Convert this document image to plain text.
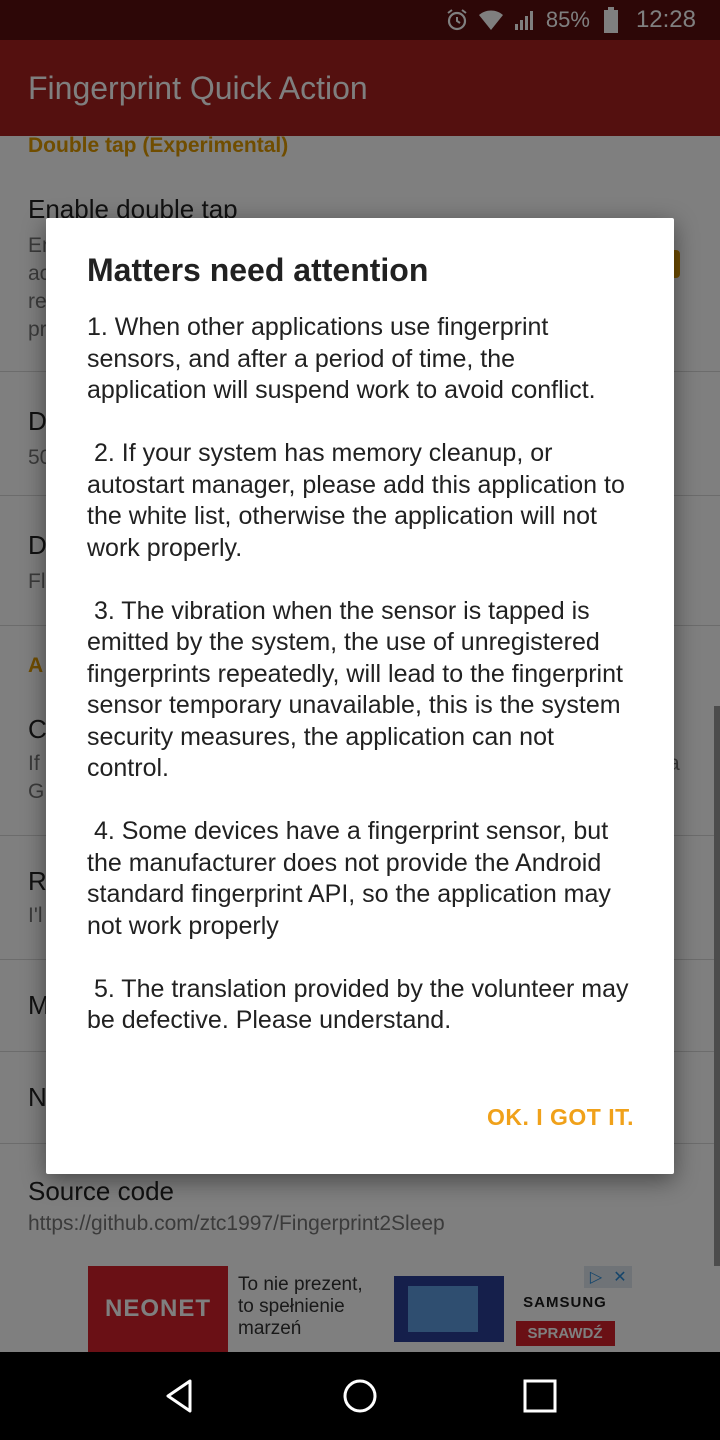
Matters need attention
1. When other applications use fingerprint sensors, and after a period of time, the application will suspend work to avoid conflict.

2. If your system has memory cleanup, or autostart manager, please add this application to the white list, otherwise the application will not work properly.

3. The vibration when the sensor is tapped is emitted by the system, the use of unregistered fingerprints repeatedly, will lead to the fingerprint sensor temporary unavailable, this is the system security measures, the application can not control.

4. Some devices have a fingerprint sensor, but the manufacturer does not provide the Android standard fingerprint API, so the application may not work properly

5. The translation provided by the volunteer may be defective. Please understand.
OK. I GOT IT.
